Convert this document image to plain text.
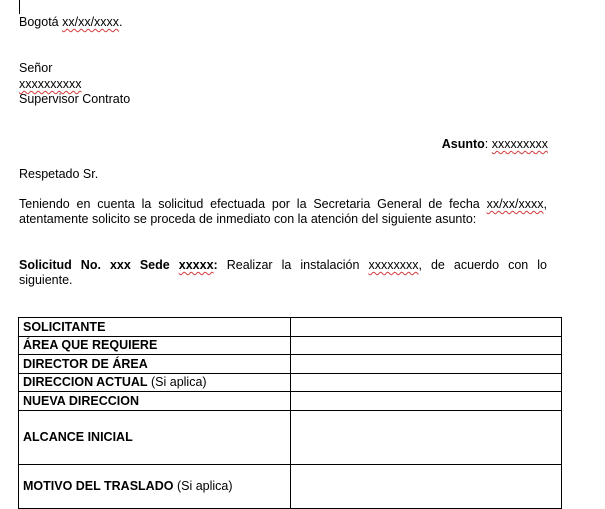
Bogotá xx/xx/xxxx.
Señor
xxxxxxxxxx
Supervisor Contrato
Asunto: xxxxxxxxx
Respetado Sr.
Teniendo en cuenta la solicitud efectuada por la Secretaria General de fecha xx/xx/xxxx,
atentamente solicito se proceda de inmediato con la atención del siguiente asunto:
Solicitud No. xxx Sede xxxxx: Realizar la instalación xxxxxxxx, de acuerdo con lo
siguiente.
SOLICITANTE	
ÁREA QUE REQUIERE	
DIRECTOR DE ÁREA	
DIRECCION ACTUAL (Si aplica)	
NUEVA DIRECCION	
ALCANCE INICIAL	
MOTIVO DEL TRASLADO (Si aplica)	
